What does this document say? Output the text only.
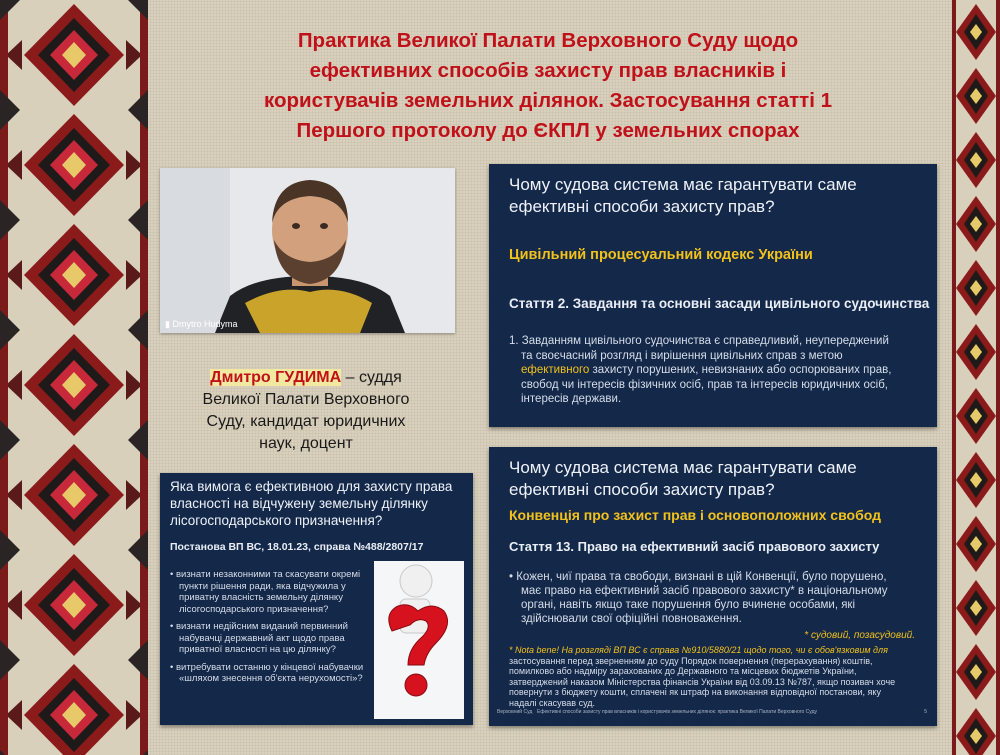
Практика Великої Палати Верховного Суду щодо
ефективних способів захисту прав власників і
користувачів земельних ділянок. Застосування статті 1
Першого протоколу до ЄКПЛ у земельних спорах
▮ Dmytro Hudyma
Дмитро ГУДИМА – суддя
Великої Палати Верховного
Суду, кандидат юридичних
наук, доцент
Чому судова система має гарантувати саме
ефективні способи захисту прав?
Цивільний процесуальний кодекс України
Стаття 2. Завдання та основні засади цивільного судочинства
1. Завданням цивільного судочинства є справедливий, неупереджений
та своєчасний розгляд і вирішення цивільних справ з метою
ефективного захисту порушених, невизнаних або оспорюваних прав,
свобод чи інтересів фізичних осіб, прав та інтересів юридичних осіб,
інтересів держави.
Чому судова система має гарантувати саме
ефективні способи захисту прав?
Конвенція про захист прав і основоположних свобод
Стаття 13. Право на ефективний засіб правового захисту
• Кожен, чиї права та свободи, визнані в цій Конвенції, було порушено,
має право на ефективний засіб правового захисту* в національному
органі, навіть якщо таке порушення було вчинене особами, які
здійснювали свої офіційні повноваження.
* судовий, позасудовий.
* Nota bene! На розгляді ВП ВС є справа №910/5880/21 щодо того, чи є обов'язковим для
застосування перед зверненням до суду Порядок повернення (перерахування) коштів,
помилково або надміру зарахованих до Державного та місцевих бюджетів України,
затверджений наказом Міністерства фінансів України від 03.09.13 №787, якщо позивач хоче
повернути з бюджету кошти, сплачені як штраф на виконання відповідної постанови, яку
надалі скасував суд.
Верховний Суд Ефективні способи захисту прав власників і користувачів земельних ділянок: практика Великої Палати Верховного Суду	5
Яка вимога є ефективною для захисту права
власності на відчужену земельну ділянку
лісогосподарського призначення?
Постанова ВП ВС, 18.01.23, справа №488/2807/17
• визнати незаконними та скасувати окремі
пункти рішення ради, яка відчужила у
приватну власність земельну ділянку
лісогосподарського призначення?
• визнати недійсним виданий первинний
набувачці державний акт щодо права
приватної власності на цю ділянку?
• витребувати останню у кінцевої набувачки
«шляхом знесення об'єкта нерухомості»?
